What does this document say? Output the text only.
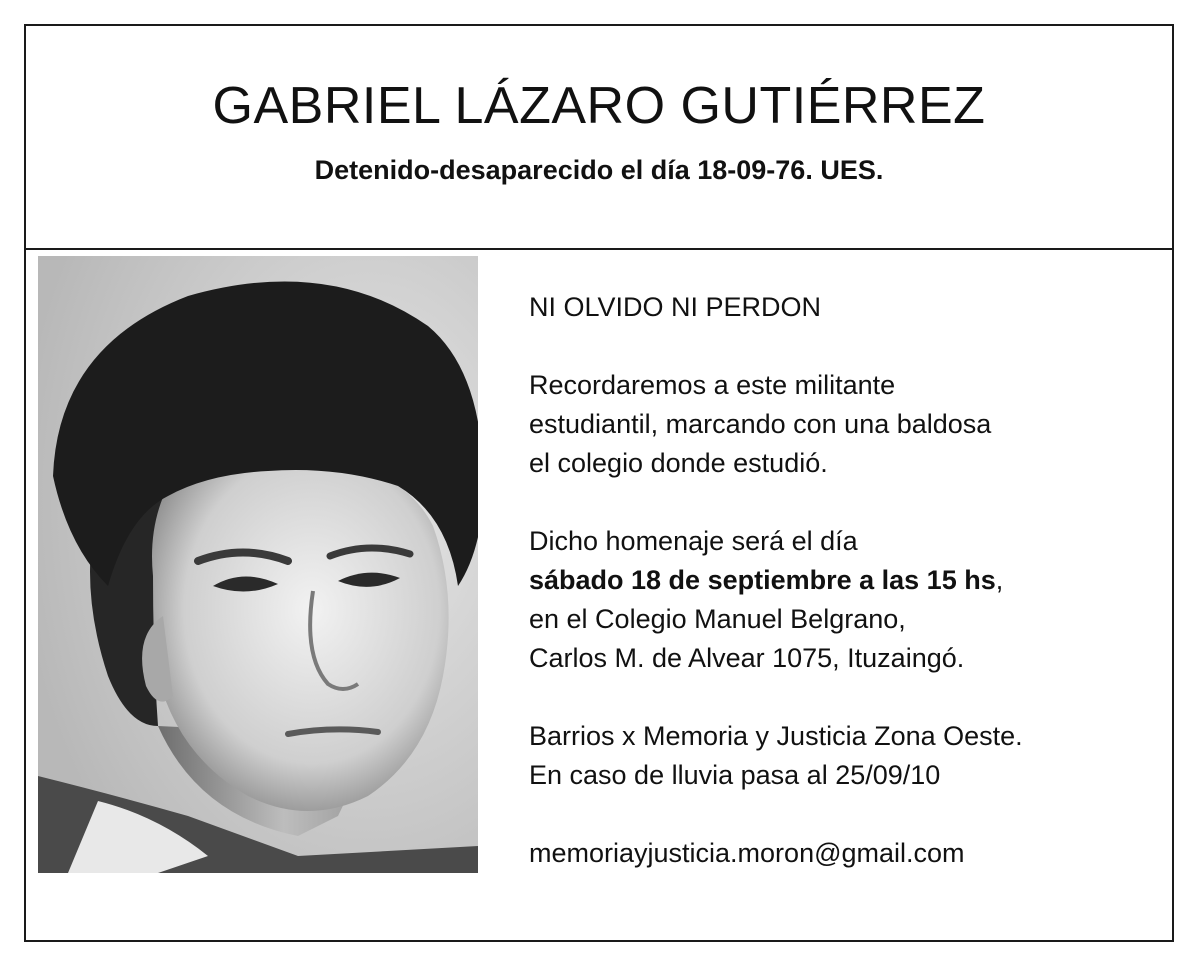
GABRIEL LÁZARO GUTIÉRREZ

Detenido-desaparecido el día 18-09-76. UES.

NI OLVIDO NI PERDON

Recordaremos a este militante

estudiantil, marcando con una baldosa

el colegio donde estudió.

Dicho homenaje será el día

sábado 18 de septiembre a las 15 hs,

en el Colegio Manuel Belgrano,

Carlos M. de Alvear 1075, Ituzaingó.

Barrios x Memoria y Justicia Zona Oeste.

En caso de lluvia pasa al 25/09/10

memoriayjusticia.moron@gmail.com
